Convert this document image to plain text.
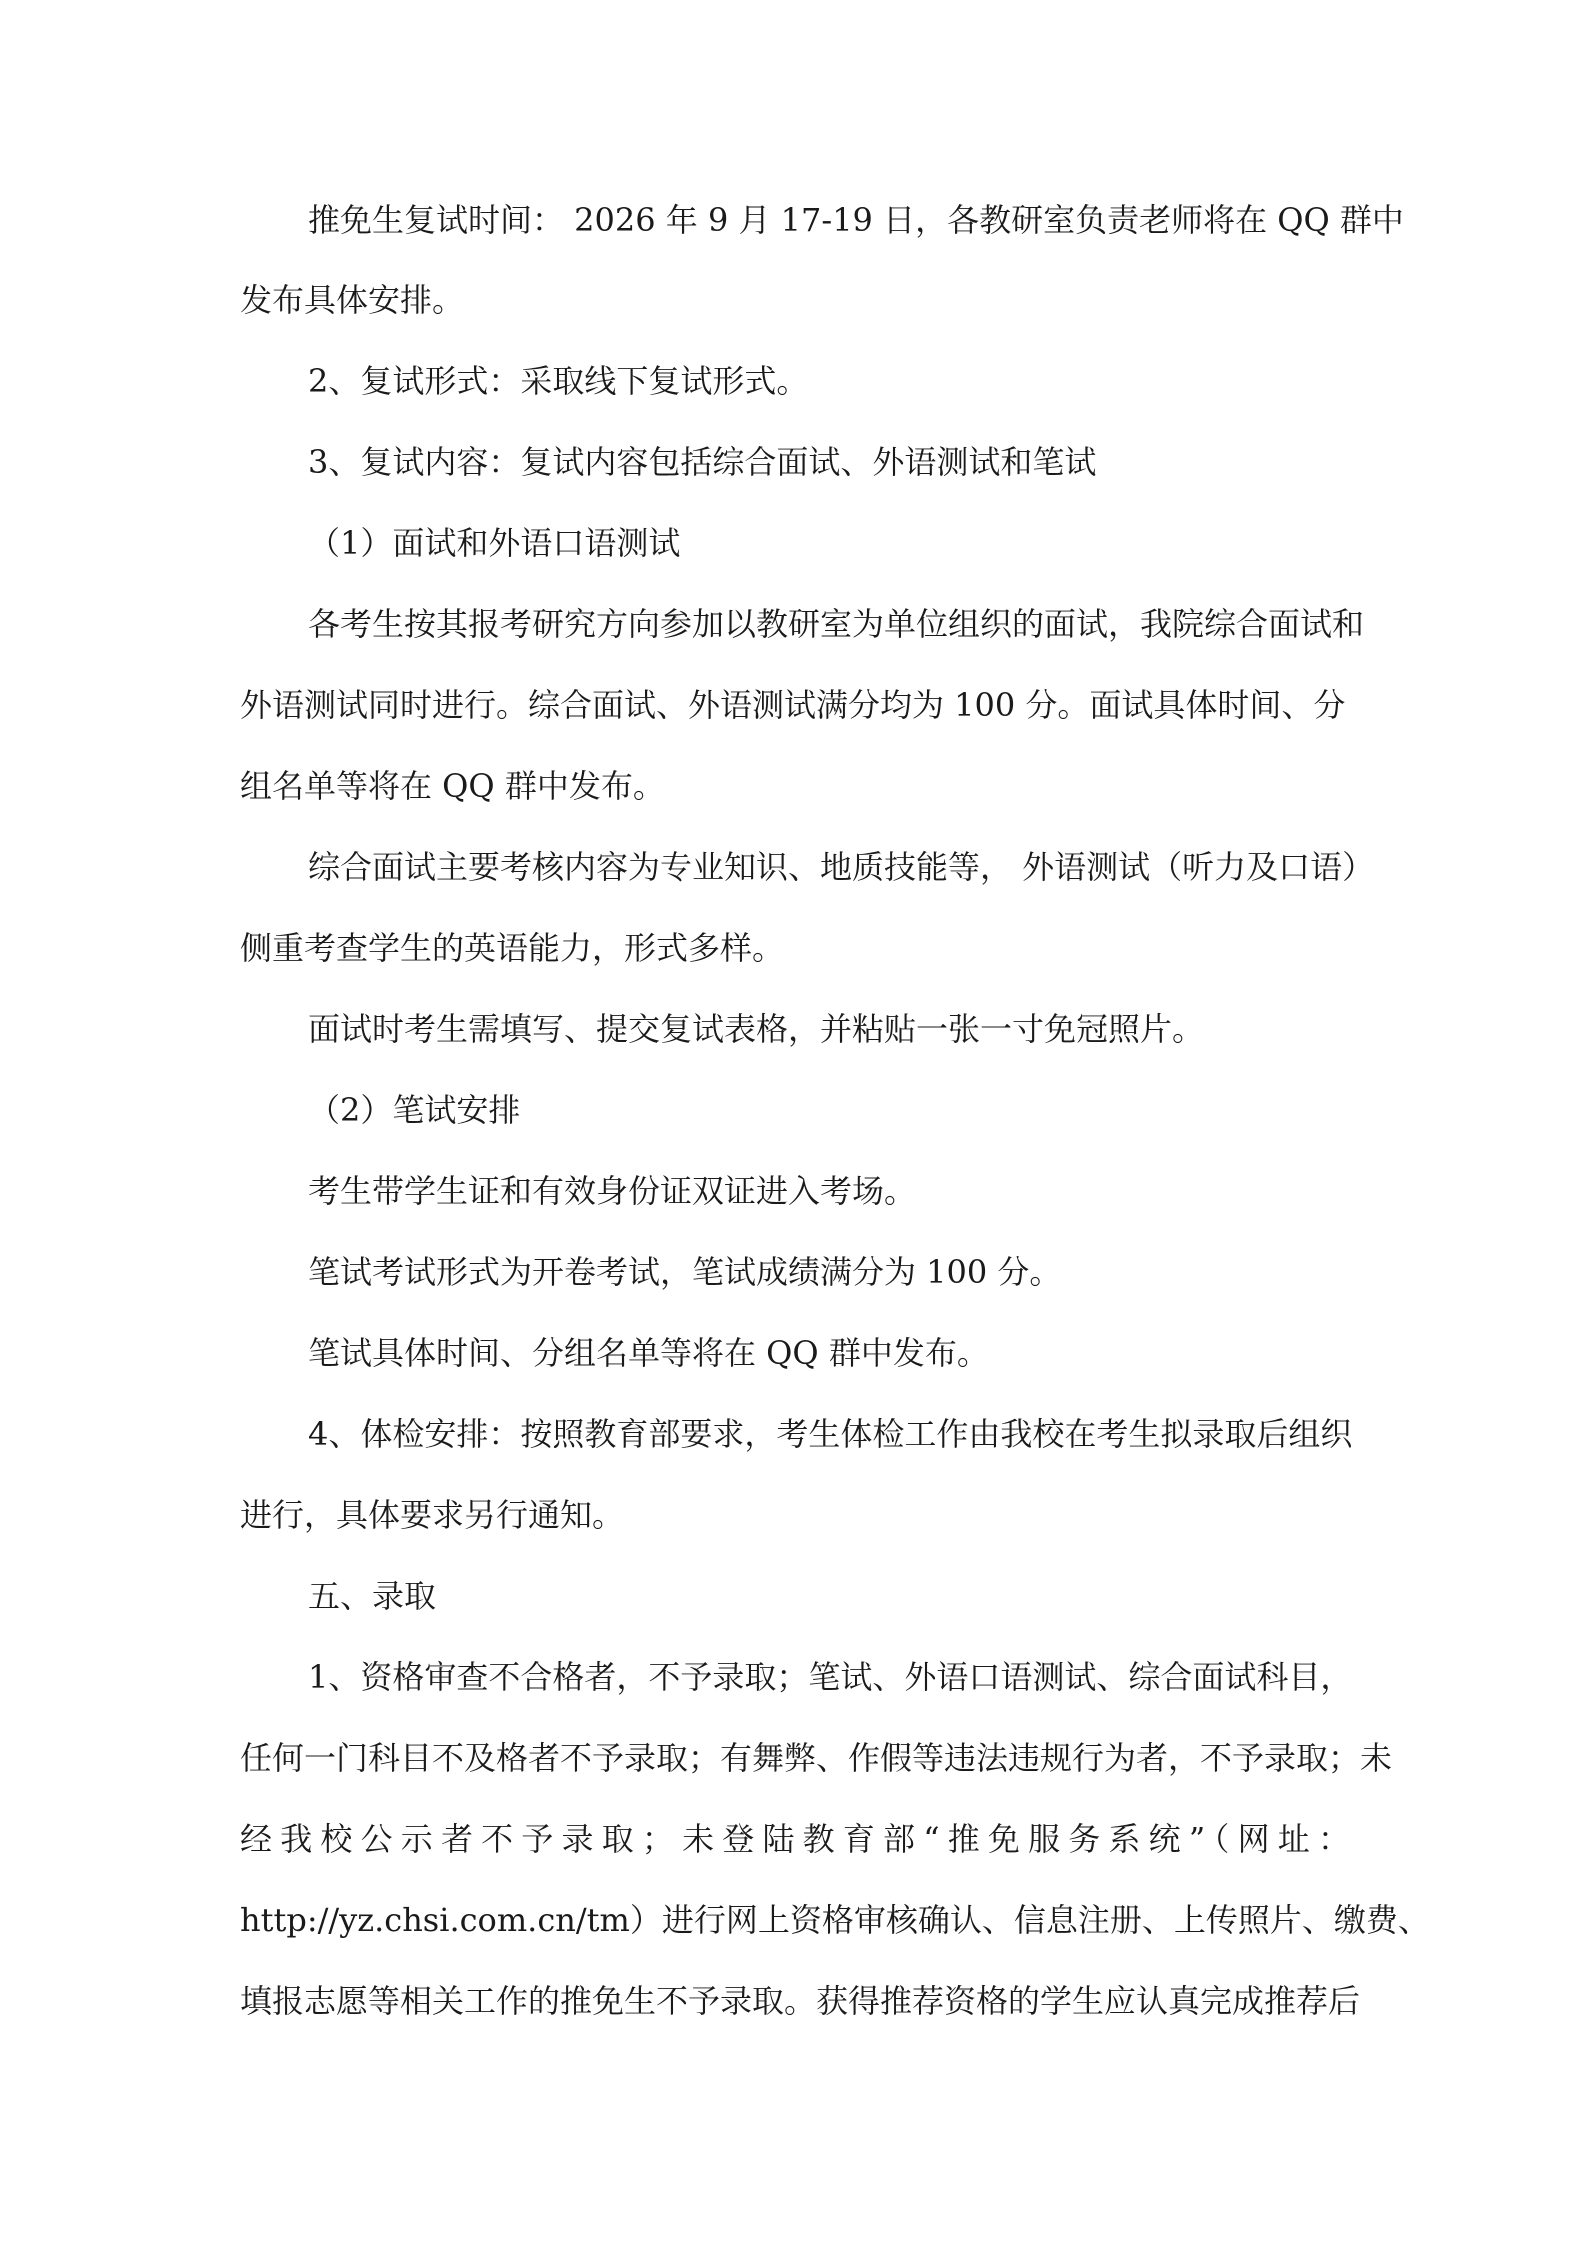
推免生复试时间： 2026 年 9 月 17-19 日，各教研室负责老师将在 QQ 群中
发布具体安排。
2、复试形式：采取线下复试形式。
3、复试内容：复试内容包括综合面试、外语测试和笔试
（1）面试和外语口语测试
各考生按其报考研究方向参加以教研室为单位组织的面试，我院综合面试和
外语测试同时进行。综合面试、外语测试满分均为 100 分。面试具体时间、分
组名单等将在 QQ 群中发布。
综合面试主要考核内容为专业知识、地质技能等， 外语测试（听力及口语）
侧重考查学生的英语能力，形式多样。
面试时考生需填写、提交复试表格，并粘贴一张一寸免冠照片。
（2）笔试安排
考生带学生证和有效身份证双证进入考场。
笔试考试形式为开卷考试，笔试成绩满分为 100 分。
笔试具体时间、分组名单等将在 QQ 群中发布。
4、体检安排：按照教育部要求，考生体检工作由我校在考生拟录取后组织
进行，具体要求另行通知。
五、录取
1、资格审查不合格者，不予录取；笔试、外语口语测试、综合面试科目，
任何一门科目不及格者不予录取；有舞弊、作假等违法违规行为者，不予录取；未
经我校公示者不予录取；未登陆教育部“推免服务系统”（网址：
http://yz.chsi.com.cn/tm）进行网上资格审核确认、信息注册、上传照片、缴费、
填报志愿等相关工作的推免生不予录取。获得推荐资格的学生应认真完成推荐后
